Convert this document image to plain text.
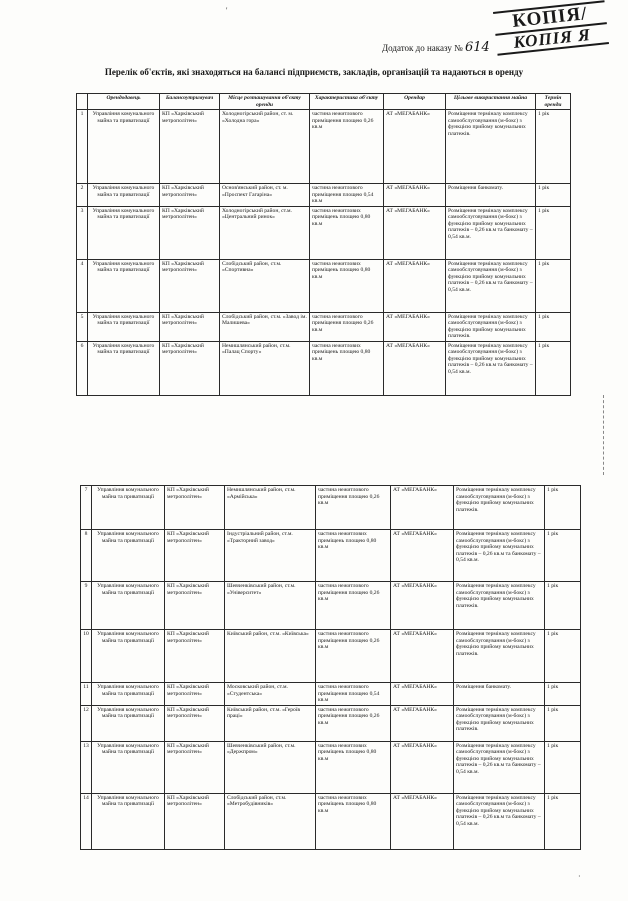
КОПІЯ/
КОПІЯ Я
Додаток до наказу № 614
Перелік об'єктів, які знаходяться на балансі підприємств, закладів, організацій та надаються в оренду
	Орендодавець	Балансоутримувач	Місце розташування об'єкту оренди	Характеристика об'єкту	Орендар	Цільове використання майна	Термін оренди
1	Управління комунального майна та приватизації	КП «Харківський метрополітен»	Холодногірський район, ст. м. «Холодна гора»	частина нежитлового приміщення площею 0,26 кв.м	АТ «МЕГАБАНК»	Розміщення терміналу комплексу самообслуговування (м-бокс) з функцією прийому комунальних платежів.	1 рік
2	Управління комунального майна та приватизації	КП «Харківський метрополітен»	Основ'янський район, ст. м. «Проспект Гагаріна»	частина нежитлового приміщення площею 0,54 кв.м	АТ «МЕГАБАНК»	Розміщення банкомату.	1 рік
3	Управління комунального майна та приватизації	КП «Харківський метрополітен»	Холодногірський район, ст.м. «Центральний ринок»	частина нежитлових приміщень площею 0,80 кв.м	АТ «МЕГАБАНК»	Розміщення терміналу комплексу самообслуговування (м-бокс) з функцією прийому комунальних платежів – 0,26 кв.м та банкомату – 0,54 кв.м.	1 рік
4	Управління комунального майна та приватизації	КП «Харківський метрополітен»	Слобідський район, ст.м. «Спортивна»	частина нежитлових приміщень площею 0,80 кв.м	АТ «МЕГАБАНК»	Розміщення терміналу комплексу самообслуговування (м-бокс) з функцією прийому комунальних платежів – 0,26 кв.м та банкомату – 0,54 кв.м.	1 рік
5	Управління комунального майна та приватизації	КП «Харківський метрополітен»	Слобідський район, ст.м. «Завод ім. Малишева»	частина нежитлового приміщення площею 0,26 кв.м	АТ «МЕГАБАНК»	Розміщення терміналу комплексу самообслуговування (м-бокс) з функцією прийому комунальних платежів.	1 рік
6	Управління комунального майна та приватизації	КП «Харківський метрополітен»	Немишлянський район, ст.м. «Палац Спорту»	частина нежитлових приміщень площею 0,80 кв.м	АТ «МЕГАБАНК»	Розміщення терміналу комплексу самообслуговування (м-бокс) з функцією прийому комунальних платежів – 0,26 кв.м та банкомату – 0,54 кв.м.	1 рік
7	Управління комунального майна та приватизації	КП «Харківський метрополітен»	Немишлянський район, ст.м. «Армійська»	частина нежитлового приміщення площею 0,26 кв.м	АТ «МЕГАБАНК»	Розміщення терміналу комплексу самообслуговування (м-бокс) з функцією прийому комунальних платежів.	1 рік
8	Управління комунального майна та приватизації	КП «Харківський метрополітен»	Індустріальний район, ст.м. «Тракторний завод»	частина нежитлових приміщень площею 0,80 кв.м	АТ «МЕГАБАНК»	Розміщення терміналу комплексу самообслуговування (м-бокс) з функцією прийому комунальних платежів – 0,26 кв.м та банкомату – 0,54 кв.м.	1 рік
9	Управління комунального майна та приватизації	КП «Харківський метрополітен»	Шевченківський район, ст.м. «Університет»	частина нежитлового приміщення площею 0,26 кв.м	АТ «МЕГАБАНК»	Розміщення терміналу комплексу самообслуговування (м-бокс) з функцією прийому комунальних платежів.	1 рік
10	Управління комунального майна та приватизації	КП «Харківський метрополітен»	Київський район, ст.м. «Київська»	частина нежитлового приміщення площею 0,26 кв.м	АТ «МЕГАБАНК»	Розміщення терміналу комплексу самообслуговування (м-бокс) з функцією прийому комунальних платежів.	1 рік
11	Управління комунального майна та приватизації	КП «Харківський метрополітен»	Московський район, ст.м. «Студентська»	частина нежитлового приміщення площею 0,54 кв.м	АТ «МЕГАБАНК»	Розміщення банкомату.	1 рік
12	Управління комунального майна та приватизації	КП «Харківський метрополітен»	Київський район, ст.м. «Героїв праці»	частина нежитлового приміщення площею 0,26 кв.м	АТ «МЕГАБАНК»	Розміщення терміналу комплексу самообслуговування (м-бокс) з функцією прийому комунальних платежів.	1 рік
13	Управління комунального майна та приватизації	КП «Харківський метрополітен»	Шевченківський район, ст.м. «Держпром»	частина нежитлових приміщень площею 0,80 кв.м	АТ «МЕГАБАНК»	Розміщення терміналу комплексу самообслуговування (м-бокс) з функцією прийому комунальних платежів – 0,26 кв.м та банкомату – 0,54 кв.м.	1 рік
14	Управління комунального майна та приватизації	КП «Харківський метрополітен»	Слобідський район, ст.м. «Метробудівників»	частина нежитлових приміщень площею 0,80 кв.м	АТ «МЕГАБАНК»	Розміщення терміналу комплексу самообслуговування (м-бокс) з функцією прийому комунальних платежів – 0,26 кв.м та банкомату – 0,54 кв.м.	1 рік
'
·
